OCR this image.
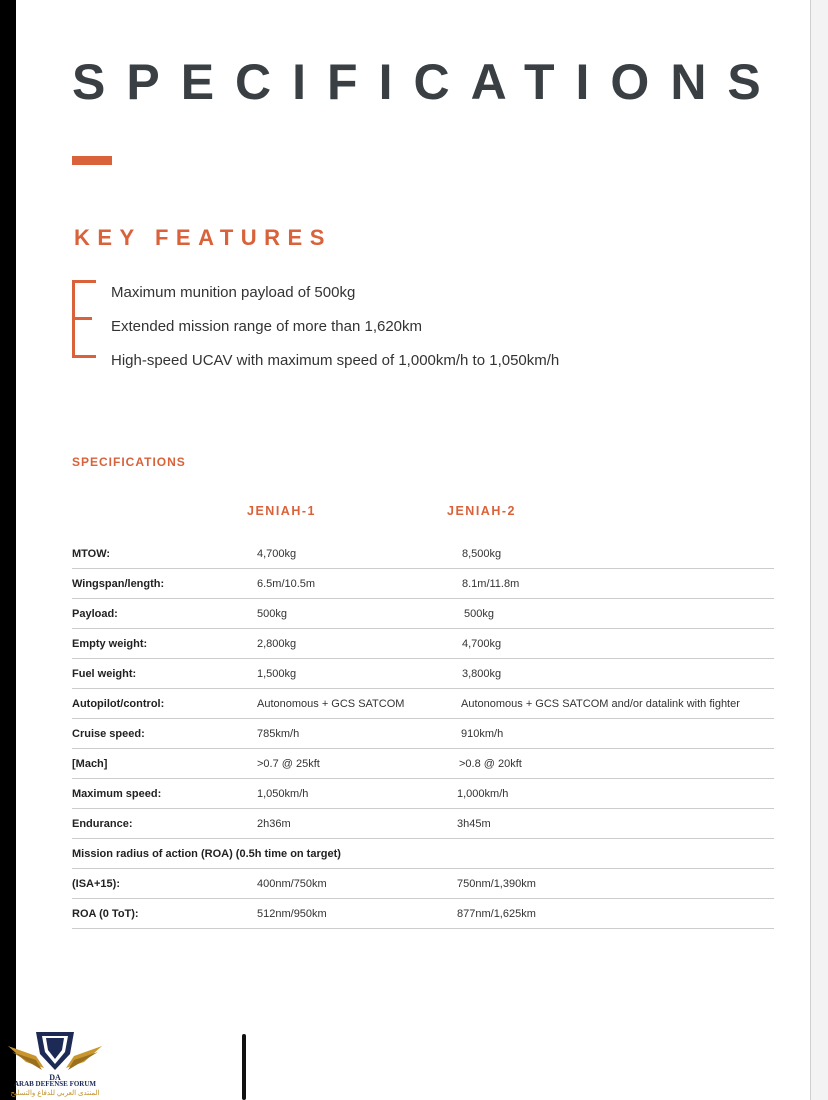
SPECIFICATIONS
KEY FEATURES
Maximum munition payload of 500kg
Extended mission range of more than 1,620km
High-speed UCAV with maximum speed of 1,000km/h to 1,050km/h
SPECIFICATIONS
JENIAH-1	JENIAH-2
MTOW:	4,700kg	8,500kg
Wingspan/length:	6.5m/10.5m	8.1m/11.8m
Payload:	500kg	500kg
Empty weight:	2,800kg	4,700kg
Fuel weight:	1,500kg	3,800kg
Autopilot/control:	Autonomous + GCS SATCOM	Autonomous + GCS SATCOM and/or datalink with fighter
Cruise speed:	785km/h	910km/h
[Mach]	>0.7 @ 25kft	>0.8 @ 20kft
Maximum speed:	1,050km/h	1,000km/h
Endurance:	2h36m	3h45m
Mission radius of action (ROA) (0.5h time on target)		
(ISA+15):	400nm/750km	750nm/1,390km
ROA (0 ToT):	512nm/950km	877nm/1,625km
DA
ARAB DEFENSE FORUM
المنتدى العربي للدفاع والتسليح
